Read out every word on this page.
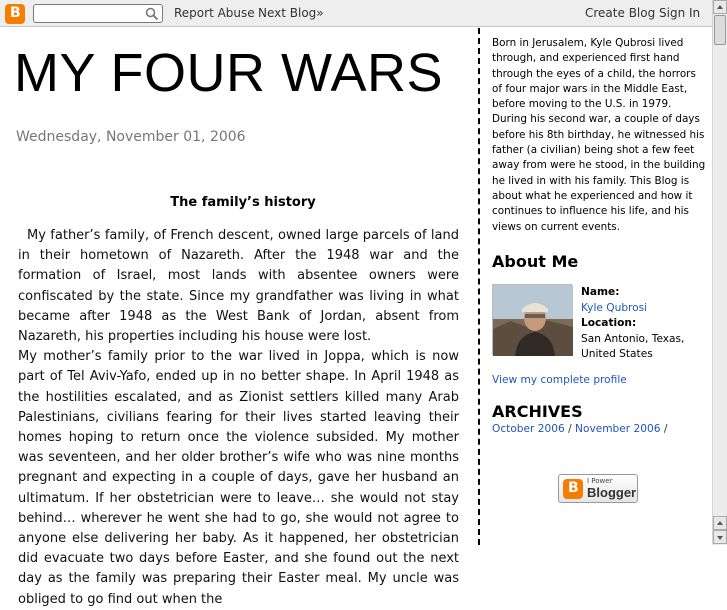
B	Report Abuse Next Blog»	Create Blog Sign In
MY FOUR WARS
Wednesday, November 01, 2006
The family’s history

My father’s family, of French descent, owned large parcels of land in their hometown of Nazareth. After the 1948 war and the formation of Israel, most lands with absentee owners were confiscated by the state. Since my grandfather was living in what became after 1948 as the West Bank of Jordan, absent from Nazareth, his properties including his house were lost.

My mother’s family prior to the war lived in Joppa, which is now part of Tel Aviv-Yafo, ended up in no better shape. In April 1948 as the hostilities escalated, and as Zionist settlers killed many Arab Palestinians, civilians fearing for their lives started leaving their homes hoping to return once the violence subsided. My mother was seventeen, and her older brother’s wife who was nine months pregnant and expecting in a couple of days, gave her husband an ultimatum. If her obstetrician were to leave… she would not stay behind… wherever he went she had to go, she would not agree to anyone else delivering her baby. As it happened, her obstetrician did evacuate two days before Easter, and she found out the next day as the family was preparing their Easter meal. My uncle was obliged to go find out when the

Born in Jerusalem, Kyle Qubrosi lived through, and experienced first hand through the eyes of a child, the horrors of four major wars in the Middle East, before moving to the U.S. in 1979. During his second war, a couple of days before his 8th birthday, he witnessed his father (a civilian) being shot a few feet away from were he stood, in the building he lived in with his family. This Blog is about what he experienced and how it continues to influence his life, and his views on current events.
About Me
Name:
Kyle Qubrosi
Location:
San Antonio, Texas, United States
View my complete profile
ARCHIVES
October 2006 / November 2006 /
B I Power
Blogger
